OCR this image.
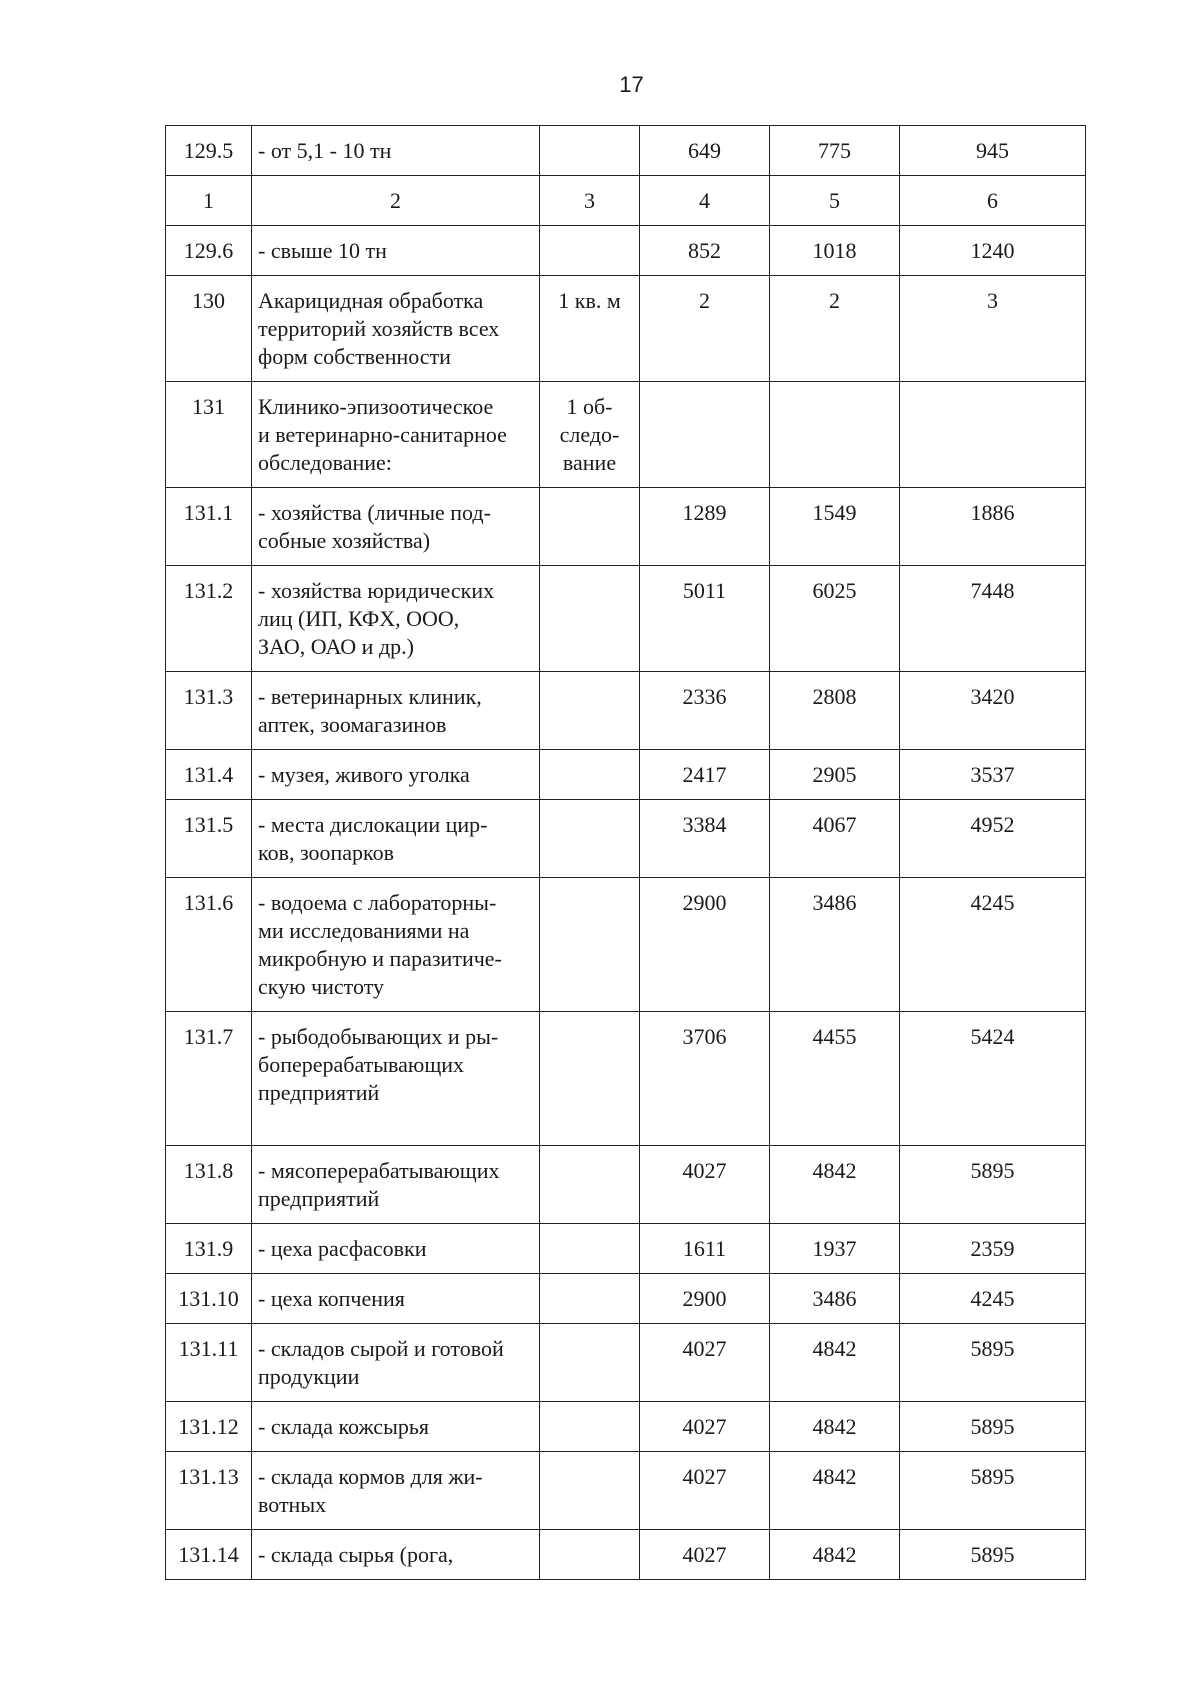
17
129.5	- от 5,1 - 10 тн		649	775	945
1	2	3	4	5	6
129.6	- свыше 10 тн		852	1018	1240
130	Акарицидная обработка
территорий хозяйств всех
форм собственности	1 кв. м	2	2	3
131	Клинико-эпизоотическое
и ветеринарно-санитарное
обследование:	1 об-
следо-
вание			

131.1	- хозяйства (личные под-
собные хозяйства)		1289	1549	1886
131.2	- хозяйства юридических
лиц (ИП, КФХ, ООО,
ЗАО, ОАО и др.)		5011	6025	7448
131.3	- ветеринарных клиник,
аптек, зоомагазинов		2336	2808	3420
131.4	- музея, живого уголка		2417	2905	3537
131.5	- места дислокации цир-
ков, зоопарков		3384	4067	4952
131.6	- водоема с лабораторны-
ми исследованиями на
микробную и паразитиче-
скую чистоту		2900	3486	4245
131.7	- рыбодобывающих и ры-
боперерабатывающих
предприятий		3706	4455	5424
131.8	- мясоперерабатывающих
предприятий		4027	4842	5895
131.9	- цеха расфасовки		1611	1937	2359
131.10	- цеха копчения		2900	3486	4245
131.11	- складов сырой и готовой
продукции		4027	4842	5895
131.12	- склада кожсырья		4027	4842	5895
131.13	- склада кормов для жи-
вотных		4027	4842	5895
131.14	- склада сырья (рога,		4027	4842	5895
